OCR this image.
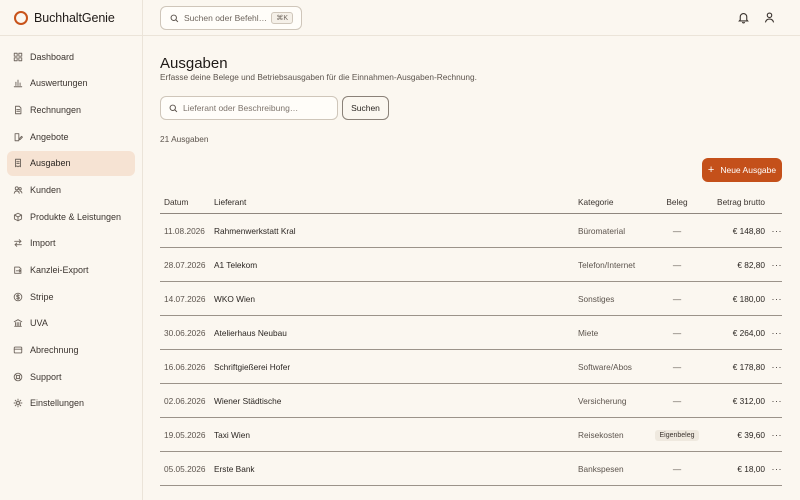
BuchhaltGenie
Dashboard
Auswertungen
Rechnungen
Angebote
Ausgaben
Kunden
Produkte & Leistungen
Import
Kanzlei-Export
Stripe
UVA
Abrechnung
Support
Einstellungen
Suchen oder Befehl…	⌘K
Ausgaben

Erfasse deine Belege und Betriebsausgaben für die Einnahmen-Ausgaben-Rechnung.

Lieferant oder Beschreibung…	Suchen
21 Ausgaben
+ Neue Ausgabe
Datum	Lieferant	Kategorie	Beleg	Betrag brutto
11.08.2026	Rahmenwerkstatt Kral	Büromaterial	—	€ 148,80 ···
28.07.2026	A1 Telekom	Telefon/Internet	—	€ 82,80 ···
14.07.2026	WKO Wien	Sonstiges	—	€ 180,00 ···
30.06.2026	Atelierhaus Neubau	Miete	—	€ 264,00 ···
16.06.2026	Schriftgießerei Hofer	Software/Abos	—	€ 178,80 ···
02.06.2026	Wiener Städtische	Versicherung	—	€ 312,00 ···
19.05.2026	Taxi Wien	Reisekosten	Eigenbeleg	€ 39,60 ···
05.05.2026	Erste Bank	Bankspesen	—	€ 18,00 ···
